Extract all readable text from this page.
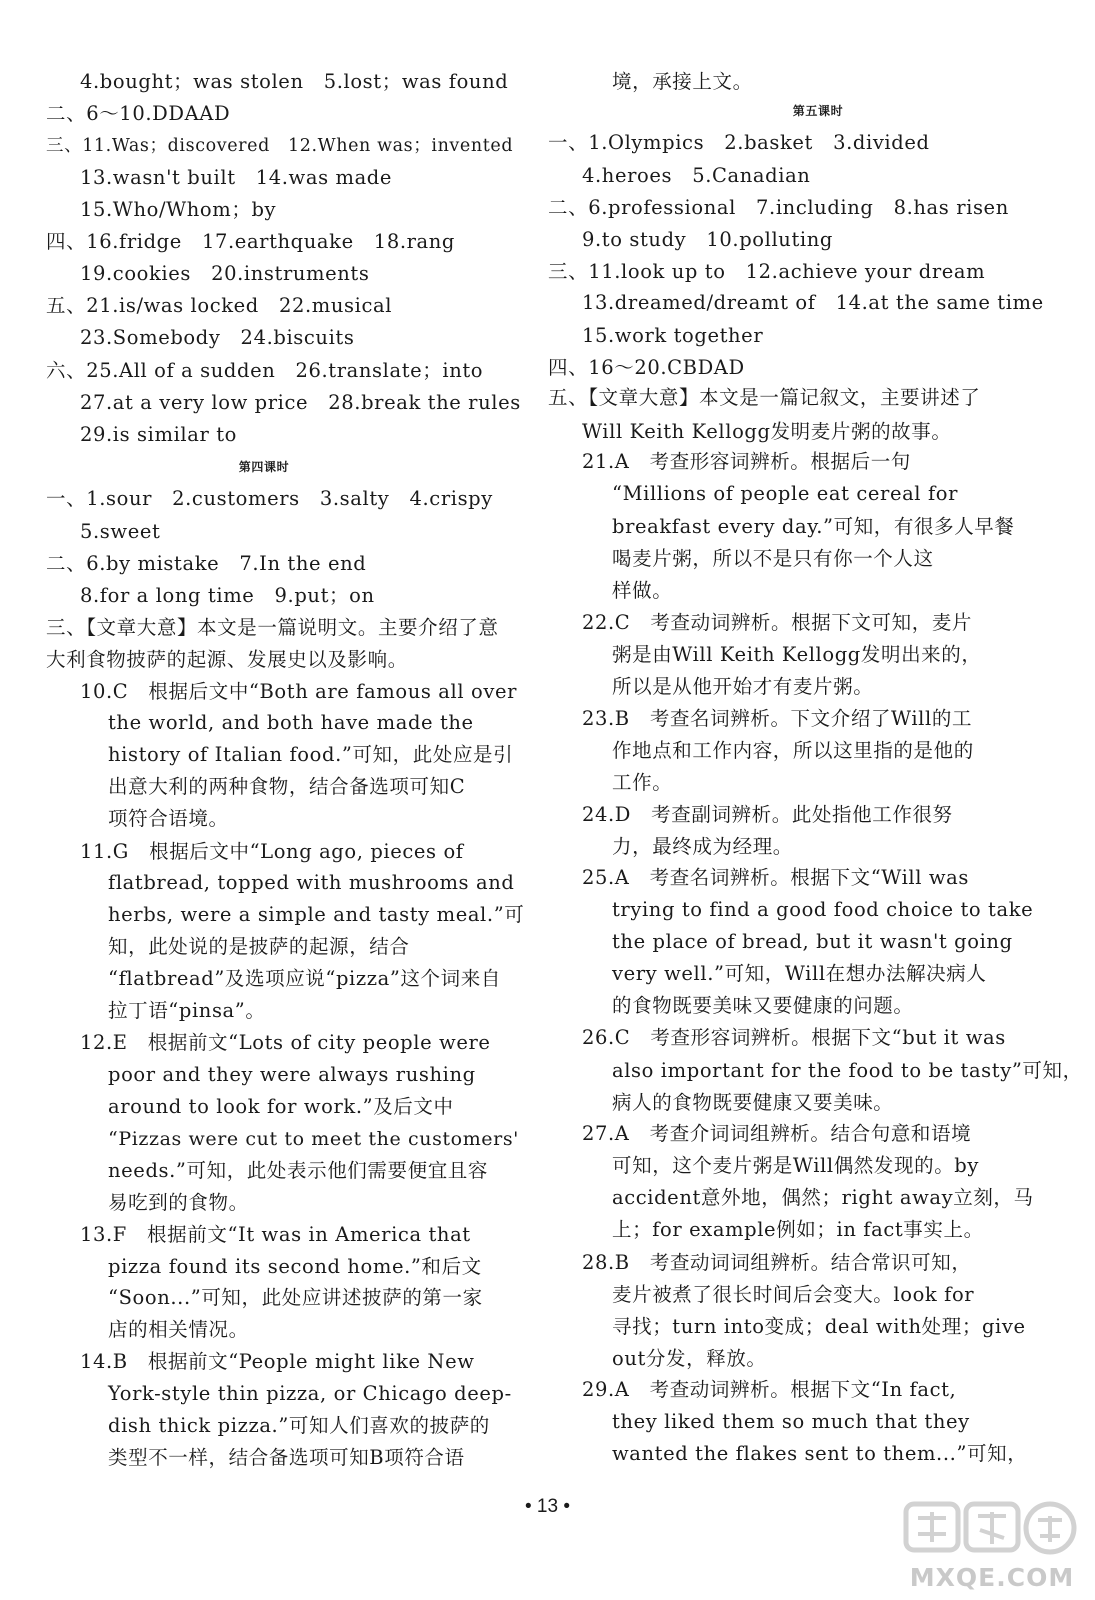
4.bought；was stolen　5.lost；was found
二、6～10.DDAAD
三、11.Was；discovered　12.When was；invented
13.wasn't built　14.was made
15.Who/Whom；by
四、16.fridge　17.earthquake　18.rang
19.cookies　20.instruments
五、21.is/was locked　22.musical
23.Somebody　24.biscuits
六、25.All of a sudden　26.translate；into
27.at a very low price　28.break the rules
29.is similar to
第四课时
一、1.sour　2.customers　3.salty　4.crispy
5.sweet
二、6.by mistake　7.In the end
8.for a long time　9.put；on
三、【文章大意】本文是一篇说明文。主要介绍了意
大利食物披萨的起源、发展史以及影响。
10.C　根据后文中“Both are famous all over
the world, and both have made the
history of Italian food.”可知，此处应是引
出意大利的两种食物，结合备选项可知C
项符合语境。
11.G　根据后文中“Long ago, pieces of
flatbread, topped with mushrooms and
herbs, were a simple and tasty meal.”可
知，此处说的是披萨的起源，结合
“flatbread”及选项应说“pizza”这个词来自
拉丁语“pinsa”。
12.E　根据前文“Lots of city people were
poor and they were always rushing
around to look for work.”及后文中
“Pizzas were cut to meet the customers'
needs.”可知，此处表示他们需要便宜且容
易吃到的食物。
13.F　根据前文“It was in America that
pizza found its second home.”和后文
“Soon...”可知，此处应讲述披萨的第一家
店的相关情况。
14.B　根据前文“People might like New
York-style thin pizza, or Chicago deep-
dish thick pizza.”可知人们喜欢的披萨的
类型不一样，结合备选项可知B项符合语
境，承接上文。
第五课时
一、1.Olympics　2.basket　3.divided
4.heroes　5.Canadian
二、6.professional　7.including　8.has risen
9.to study　10.polluting
三、11.look up to　12.achieve your dream
13.dreamed/dreamt of　14.at the same time
15.work together
四、16～20.CBDAD
五、【文章大意】本文是一篇记叙文，主要讲述了
Will Keith Kellogg发明麦片粥的故事。
21.A　考查形容词辨析。根据后一句
“Millions of people eat cereal for
breakfast every day.”可知，有很多人早餐
喝麦片粥，所以不是只有你一个人这
样做。
22.C　考查动词辨析。根据下文可知，麦片
粥是由Will Keith Kellogg发明出来的，
所以是从他开始才有麦片粥。
23.B　考查名词辨析。下文介绍了Will的工
作地点和工作内容，所以这里指的是他的
工作。
24.D　考查副词辨析。此处指他工作很努
力，最终成为经理。
25.A　考查名词辨析。根据下文“Will was
trying to find a good food choice to take
the place of bread, but it wasn't going
very well.”可知，Will在想办法解决病人
的食物既要美味又要健康的问题。
26.C　考查形容词辨析。根据下文“but it was
also important for the food to be tasty”可知，
病人的食物既要健康又要美味。
27.A　考查介词词组辨析。结合句意和语境
可知，这个麦片粥是Will偶然发现的。by
accident意外地，偶然；right away立刻，马
上；for example例如；in fact事实上。
28.B　考查动词词组辨析。结合常识可知，
麦片被煮了很长时间后会变大。look for
寻找；turn into变成；deal with处理；give
out分发，释放。
29.A　考查动词辨析。根据下文“In fact,
they liked them so much that they
wanted the flakes sent to them...”可知，
• 13 •
MXQE.COM
